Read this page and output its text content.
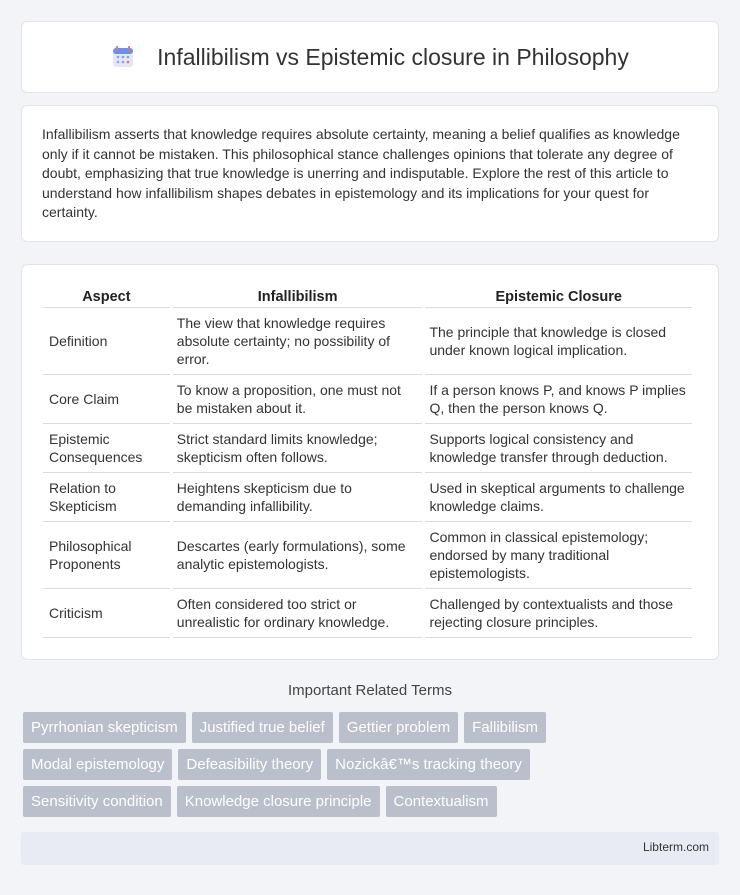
Infallibilism vs Epistemic closure in Philosophy

Infallibilism asserts that knowledge requires absolute certainty, meaning a belief qualifies as knowledge only if it cannot be mistaken. This philosophical stance challenges opinions that tolerate any degree of doubt, emphasizing that true knowledge is unerring and indisputable. Explore the rest of this article to understand how infallibilism shapes debates in epistemology and its implications for your quest for certainty.

Aspect	Infallibilism	Epistemic Closure
Definition	The view that knowledge requires absolute certainty; no possibility of error.	The principle that knowledge is closed under known logical implication.
Core Claim	To know a proposition, one must not be mistaken about it.	If a person knows P, and knows P implies Q, then the person knows Q.
Epistemic Consequences	Strict standard limits knowledge; skepticism often follows.	Supports logical consistency and knowledge transfer through deduction.
Relation to Skepticism	Heightens skepticism due to demanding infallibility.	Used in skeptical arguments to challenge knowledge claims.
Philosophical Proponents	Descartes (early formulations), some analytic epistemologists.	Common in classical epistemology; endorsed by many traditional epistemologists.
Criticism	Often considered too strict or unrealistic for ordinary knowledge.	Challenged by contextualists and those rejecting closure principles.
Important Related Terms
Pyrrhonian skepticism	Justified true belief	Gettier problem	Fallibilism
Modal epistemology	Defeasibility theory	Nozickâ€™s tracking theory
Sensitivity condition	Knowledge closure principle	Contextualism
Libterm.com
